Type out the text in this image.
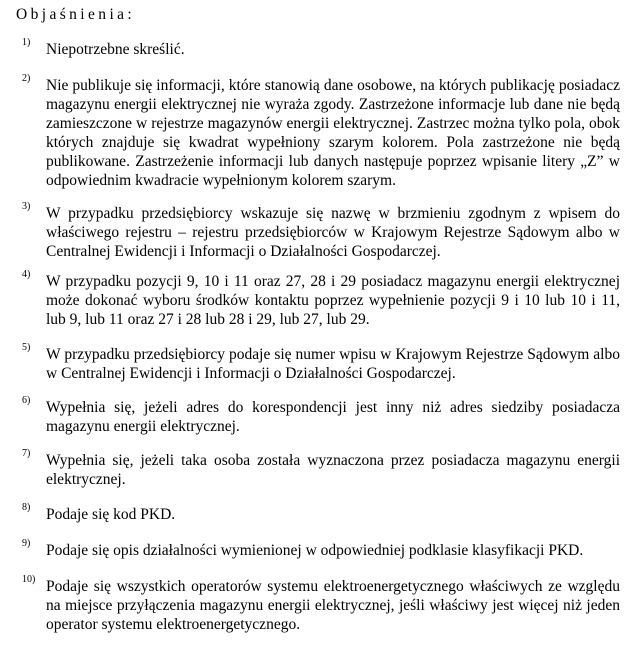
Objaśnienia:
1) Niepotrzebne skreślić.
2) Nie publikuje się informacji, które stanowią dane osobowe, na których publikację posiadacz magazynu energii elektrycznej nie wyraża zgody. Zastrzeżone informacje lub dane nie będą zamieszczone w rejestrze magazynów energii elektrycznej. Zastrzec można tylko pola, obok których znajduje się kwadrat wypełniony szarym kolorem. Pola zastrzeżone nie będą publikowane. Zastrzeżenie informacji lub danych następuje poprzez wpisanie litery „Z” w odpowiednim kwadracie wypełnionym kolorem szarym.
3) W przypadku przedsiębiorcy wskazuje się nazwę w brzmieniu zgodnym z wpisem do właściwego rejestru – rejestru przedsiębiorców w Krajowym Rejestrze Sądowym albo w Centralnej Ewidencji i Informacji o Działalności Gospodarczej.
4) W przypadku pozycji 9, 10 i 11 oraz 27, 28 i 29 posiadacz magazynu energii elektrycznej może dokonać wyboru środków kontaktu poprzez wypełnienie pozycji 9 i 10 lub 10 i 11, lub 9, lub 11 oraz 27 i 28 lub 28 i 29, lub 27, lub 29.
5) W przypadku przedsiębiorcy podaje się numer wpisu w Krajowym Rejestrze Sądowym albo w Centralnej Ewidencji i Informacji o Działalności Gospodarczej.
6) Wypełnia się, jeżeli adres do korespondencji jest inny niż adres siedziby posiadacza magazynu energii elektrycznej.
7) Wypełnia się, jeżeli taka osoba została wyznaczona przez posiadacza magazynu energii elektrycznej.
8) Podaje się kod PKD.
9) Podaje się opis działalności wymienionej w odpowiedniej podklasie klasyfikacji PKD.
10) Podaje się wszystkich operatorów systemu elektroenergetycznego właściwych ze względu na miejsce przyłączenia magazynu energii elektrycznej, jeśli właściwy jest więcej niż jeden operator systemu elektroenergetycznego.
